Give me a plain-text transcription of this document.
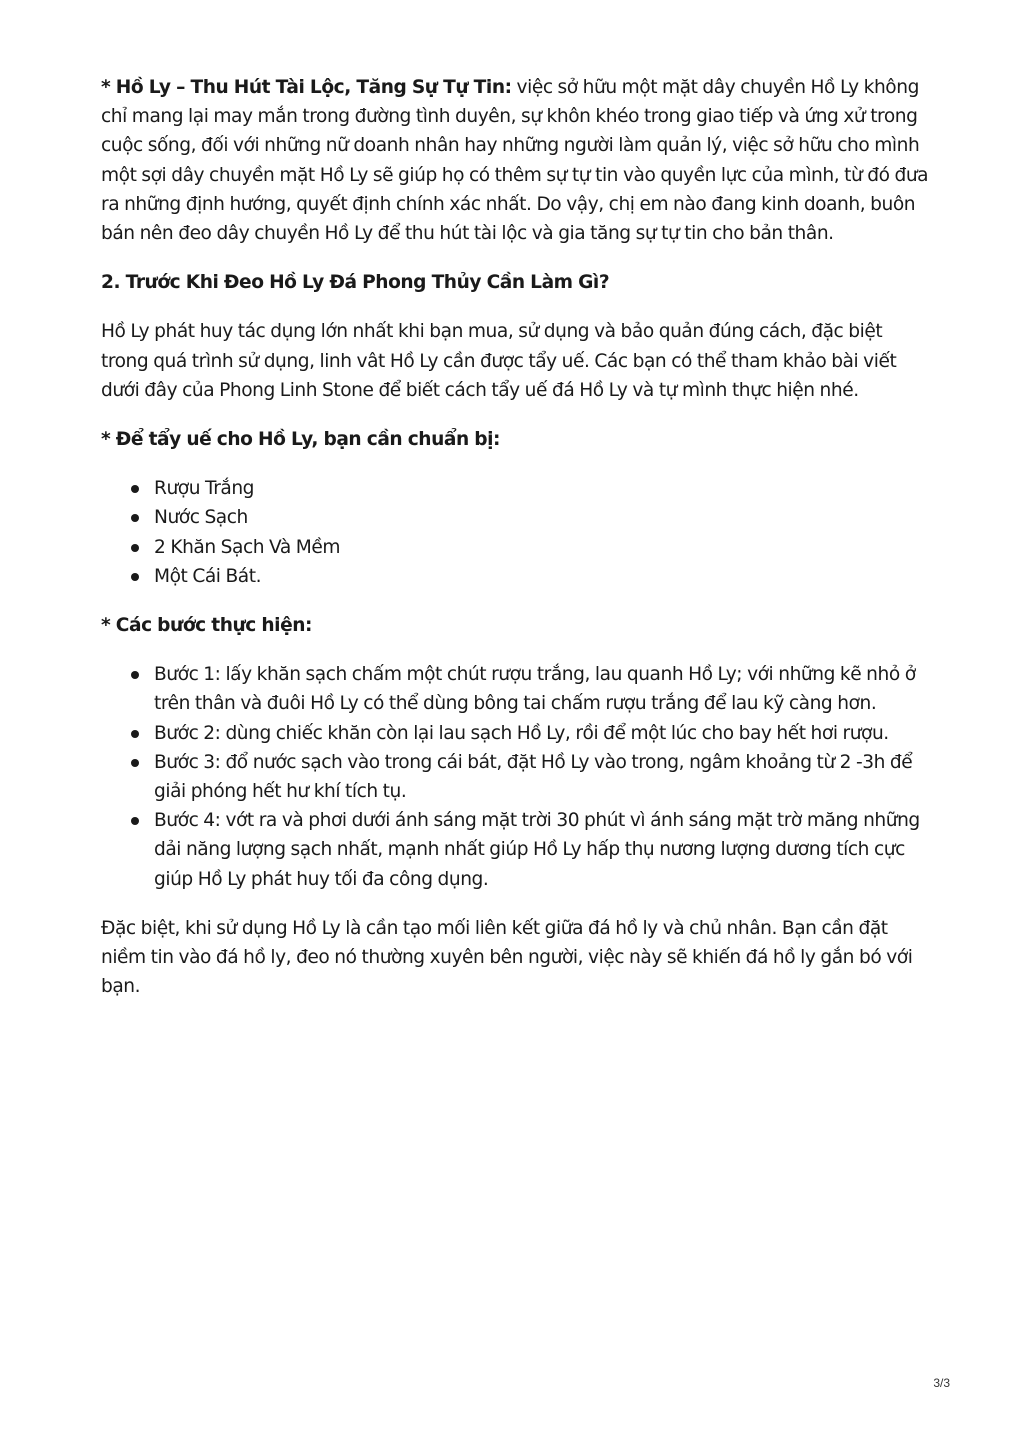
* Hồ Ly – Thu Hút Tài Lộc, Tăng Sự Tự Tin: việc sở hữu một mặt dây chuyền Hồ Ly không chỉ mang lại may mắn trong đường tình duyên, sự khôn khéo trong giao tiếp và ứng xử trong cuộc sống, đối với những nữ doanh nhân hay những người làm quản lý, việc sở hữu cho mình một sợi dây chuyền mặt Hồ Ly sẽ giúp họ có thêm sự tự tin vào quyền lực của mình, từ đó đưa ra những định hướng, quyết định chính xác nhất. Do vậy, chị em nào đang kinh doanh, buôn bán nên đeo dây chuyền Hồ Ly để thu hút tài lộc và gia tăng sự tự tin cho bản thân.

2. Trước Khi Đeo Hồ Ly Đá Phong Thủy Cần Làm Gì?

Hồ Ly phát huy tác dụng lớn nhất khi bạn mua, sử dụng và bảo quản đúng cách, đặc biệt trong quá trình sử dụng, linh vât Hồ Ly cần được tẩy uế. Các bạn có thể tham khảo bài viết dưới đây của Phong Linh Stone để biết cách tẩy uế đá Hồ Ly và tự mình thực hiện nhé.

* Để tẩy uế cho Hồ Ly, bạn cần chuẩn bị:

Rượu Trắng
Nước Sạch
2 Khăn Sạch Và Mềm
Một Cái Bát.

* Các bước thực hiện:

Bước 1: lấy khăn sạch chấm một chút rượu trắng, lau quanh Hồ Ly; với những kẽ nhỏ ở trên thân và đuôi Hồ Ly có thể dùng bông tai chấm rượu trắng để lau kỹ càng hơn.
Bước 2: dùng chiếc khăn còn lại lau sạch Hồ Ly, rồi để một lúc cho bay hết hơi rượu.
Bước 3: đổ nước sạch vào trong cái bát, đặt Hồ Ly vào trong, ngâm khoảng từ 2 -3h để giải phóng hết hư khí tích tụ.
Bước 4: vớt ra và phơi dưới ánh sáng mặt trời 30 phút vì ánh sáng mặt trờ măng những dải năng lượng sạch nhất, mạnh nhất giúp Hồ Ly hấp thụ nương lượng dương tích cực giúp Hồ Ly phát huy tối đa công dụng.

Đặc biệt, khi sử dụng Hồ Ly là cần tạo mối liên kết giữa đá hồ ly và chủ nhân. Bạn cần đặt niềm tin vào đá hồ ly, đeo nó thường xuyên bên người, việc này sẽ khiến đá hồ ly gắn bó với bạn.

3/3
